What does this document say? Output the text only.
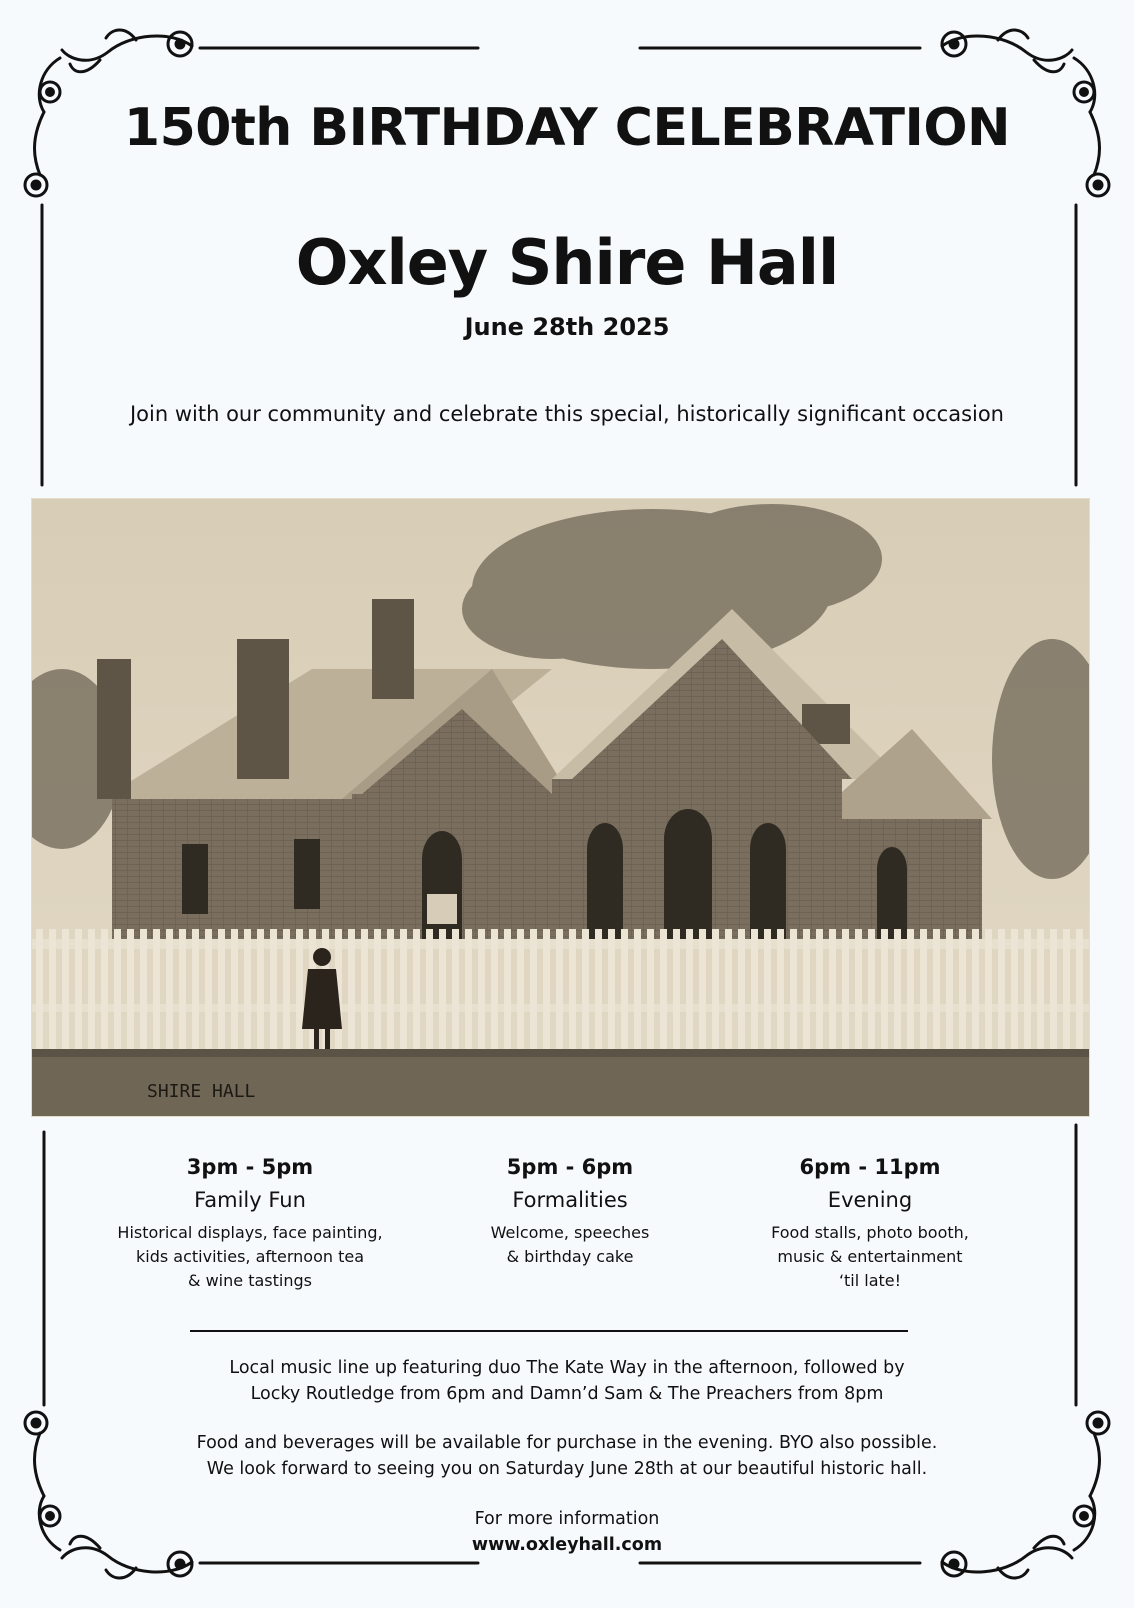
150th BIRTHDAY CELEBRATION
Oxley Shire Hall
June 28th 2025
Join with our community and celebrate this special, historically significant occasion
SHIRE HALL
3pm - 5pm
Family Fun
Historical displays, face painting,
kids activities, afternoon tea
& wine tastings
5pm - 6pm
Formalities
Welcome, speeches
& birthday cake
6pm - 11pm
Evening
Food stalls, photo booth,
music & entertainment
‘til late!
Local music line up featuring duo The Kate Way in the afternoon, followed by
Locky Routledge from 6pm and Damn’d Sam & The Preachers from 8pm
Food and beverages will be available for purchase in the evening. BYO also possible.
We look forward to seeing you on Saturday June 28th at our beautiful historic hall.
For more information
www.oxleyhall.com
